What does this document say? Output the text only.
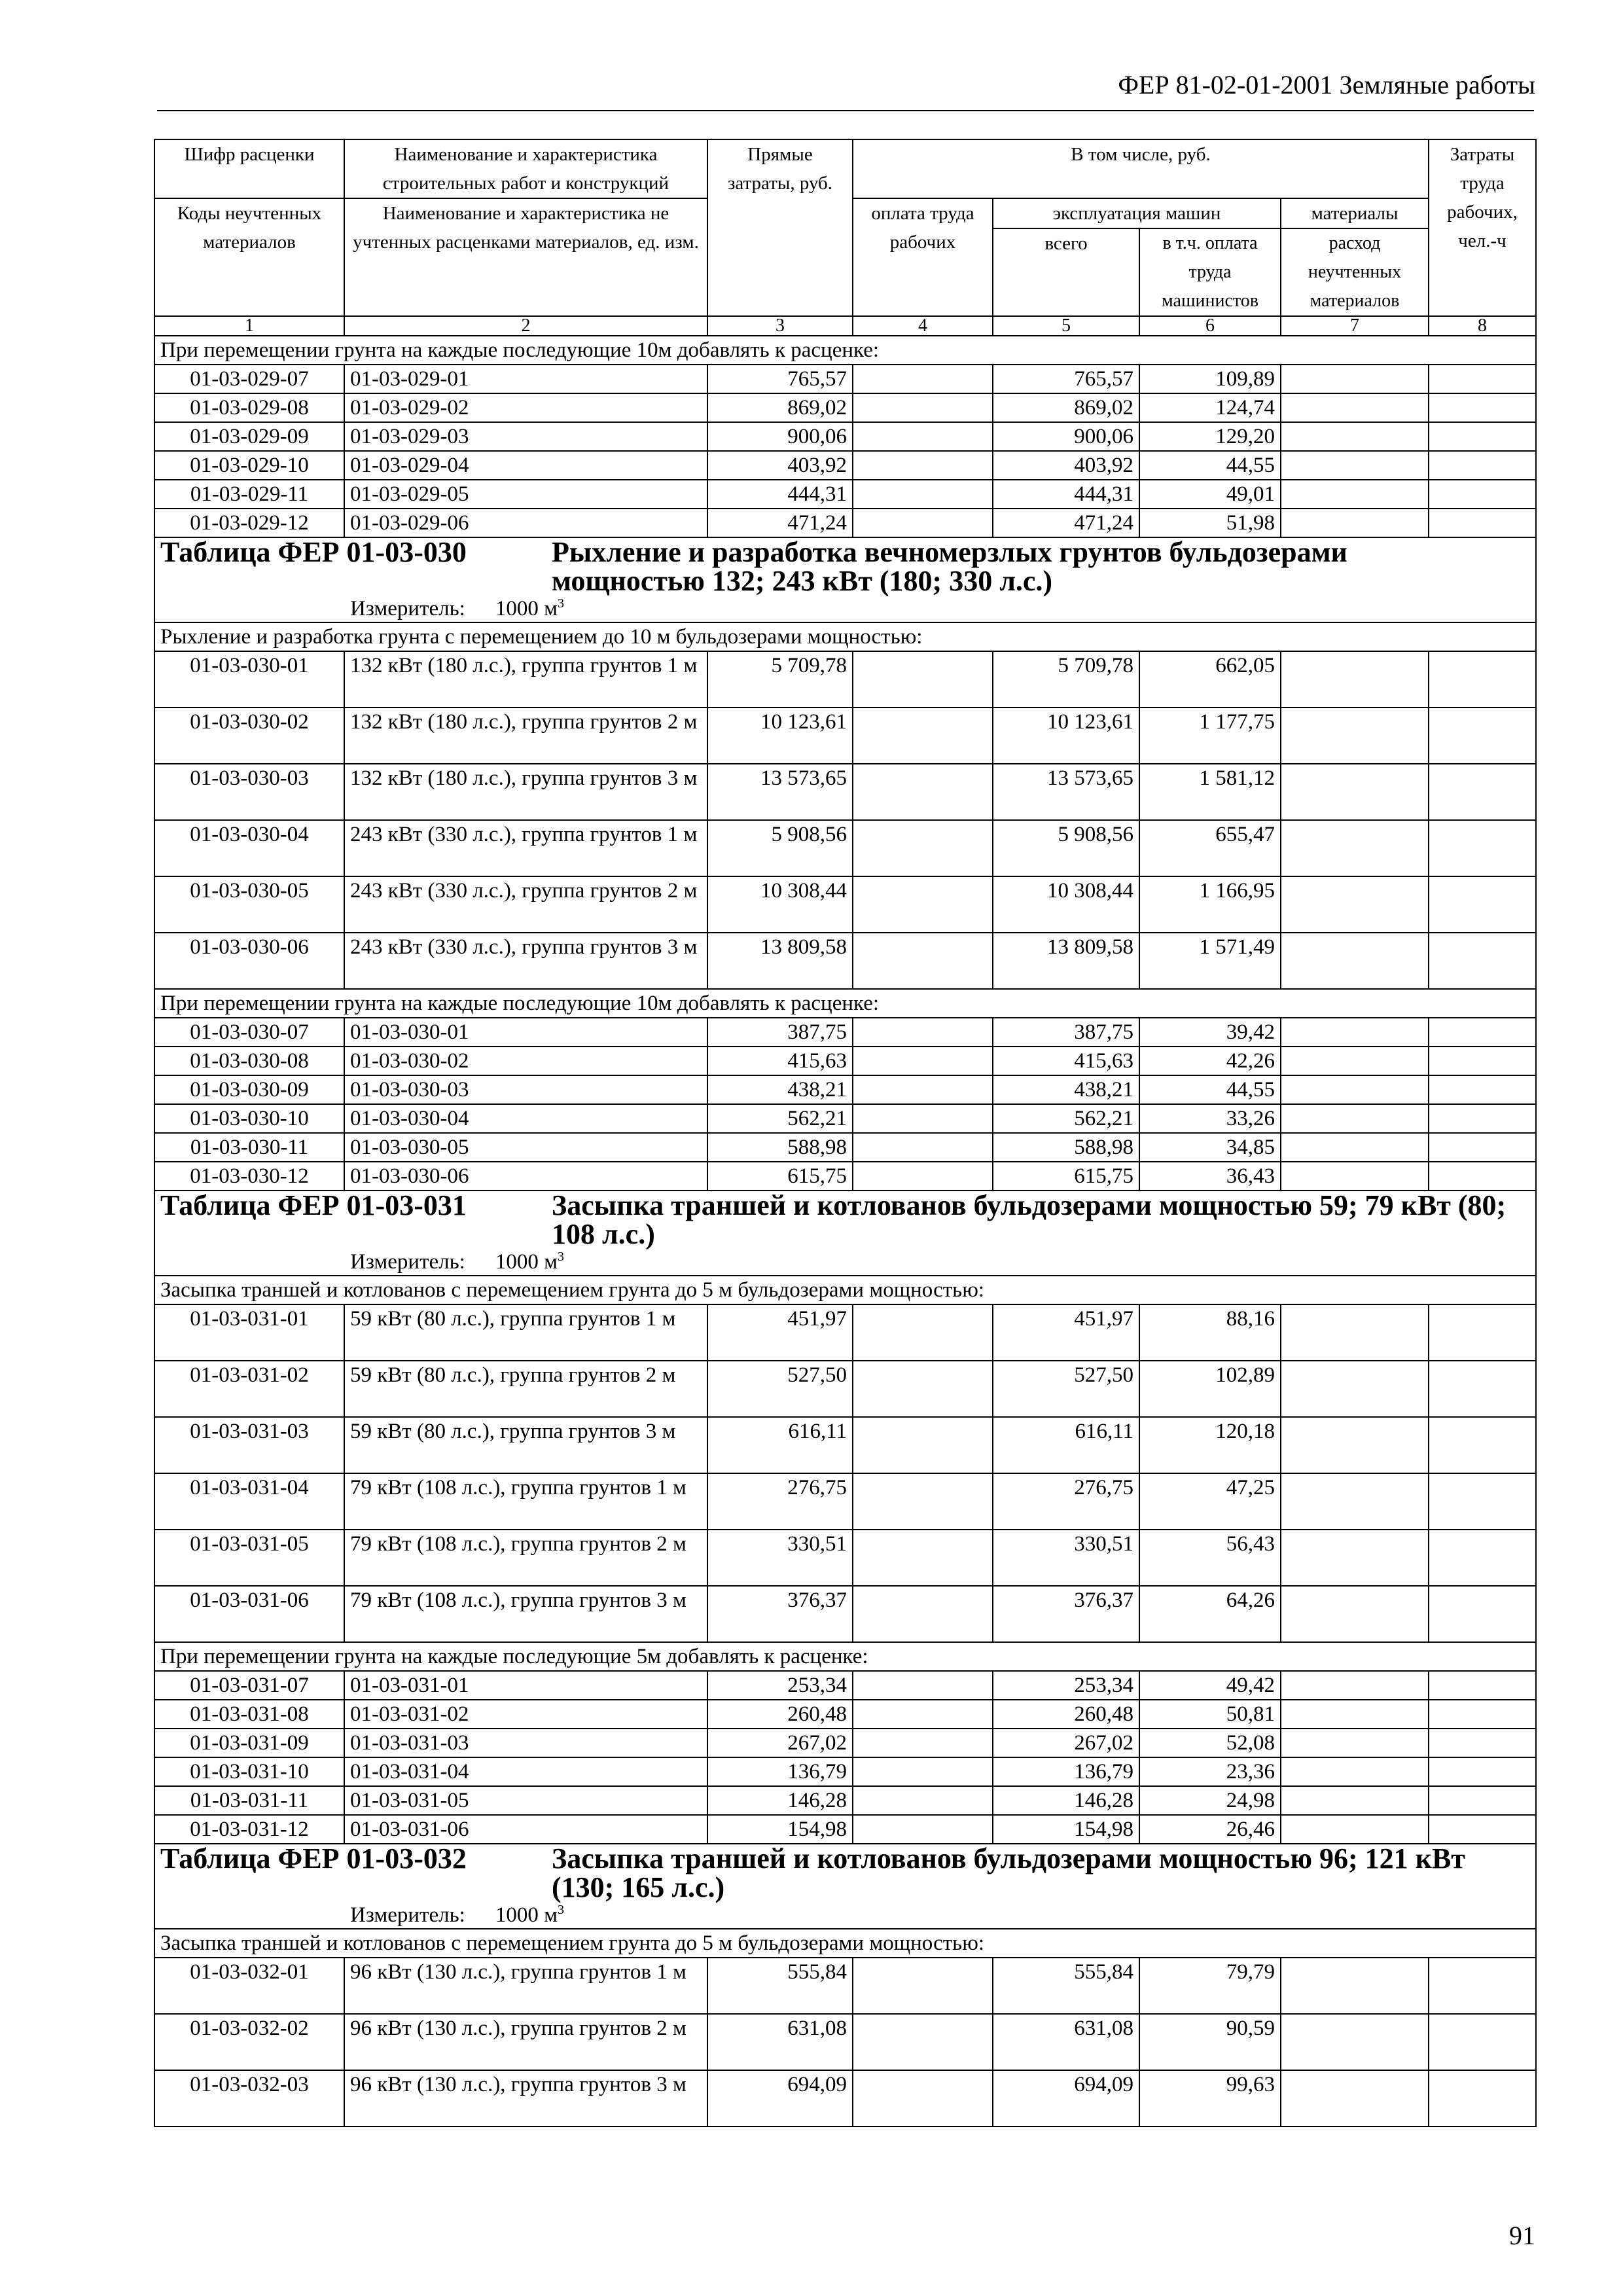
ФЕР 81-02-01-2001 Земляные работы
Шифр расценки	Наименование и характеристика строительных работ и конструкций	Прямые затраты, руб.	В том числе, руб.				Затраты труда рабочих, чел.-ч
Коды неучтенных материалов	Наименование и характеристика не учтенных расценками материалов, ед. изм.		оплата труда рабочих	эксплуатация машин		материалы	
				всего	в т.ч. оплата труда машинистов	расход неучтенных материалов	
1	2	3	4	5	6	7	8
При перемещении грунта на каждые последующие 10м добавлять к расценке:							
01-03-029-07	01-03-029-01	765,57		765,57	109,89		
01-03-029-08	01-03-029-02	869,02		869,02	124,74		
01-03-029-09	01-03-029-03	900,06		900,06	129,20		
01-03-029-10	01-03-029-04	403,92		403,92	44,55		
01-03-029-11	01-03-029-05	444,31		444,31	49,01		
01-03-029-12	01-03-029-06	471,24		471,24	51,98		

Таблица ФЕР 01-03-030 Рыхление и разработка вечномерзлых грунтов бульдозерами мощностью 132; 243 кВт (180; 330 л.с.)
Измеритель: 1000 $м^3$

Рыхление и разработка грунта с перемещением до 10 м бульдозерами мощностью:							
01-03-030-01	132 кВт (180 л.с.), группа грунтов 1 м	5 709,78		5 709,78	662,05		
01-03-030-02	132 кВт (180 л.с.), группа грунтов 2 м	10 123,61		10 123,61	1 177,75		
01-03-030-03	132 кВт (180 л.с.), группа грунтов 3 м	13 573,65		13 573,65	1 581,12		
01-03-030-04	243 кВт (330 л.с.), группа грунтов 1 м	5 908,56		5 908,56	655,47		
01-03-030-05	243 кВт (330 л.с.), группа грунтов 2 м	10 308,44		10 308,44	1 166,95		
01-03-030-06	243 кВт (330 л.с.), группа грунтов 3 м	13 809,58		13 809,58	1 571,49		
При перемещении грунта на каждые последующие 10м добавлять к расценке:							
01-03-030-07	01-03-030-01	387,75		387,75	39,42		
01-03-030-08	01-03-030-02	415,63		415,63	42,26		
01-03-030-09	01-03-030-03	438,21		438,21	44,55		
01-03-030-10	01-03-030-04	562,21		562,21	33,26		
01-03-030-11	01-03-030-05	588,98		588,98	34,85		
01-03-030-12	01-03-030-06	615,75		615,75	36,43		

Таблица ФЕР 01-03-031 Засыпка траншей и котлованов бульдозерами мощностью 59; 79 кВт (80; 108 л.с.)
Измеритель: 1000 $м^3$

Засыпка траншей и котлованов с перемещением грунта до 5 м бульдозерами мощностью:							
01-03-031-01	59 кВт (80 л.с.), группа грунтов 1 м	451,97		451,97	88,16		
01-03-031-02	59 кВт (80 л.с.), группа грунтов 2 м	527,50		527,50	102,89		
01-03-031-03	59 кВт (80 л.с.), группа грунтов 3 м	616,11		616,11	120,18		
01-03-031-04	79 кВт (108 л.с.), группа грунтов 1 м	276,75		276,75	47,25		
01-03-031-05	79 кВт (108 л.с.), группа грунтов 2 м	330,51		330,51	56,43		
01-03-031-06	79 кВт (108 л.с.), группа грунтов 3 м	376,37		376,37	64,26		
При перемещении грунта на каждые последующие 5м добавлять к расценке:							
01-03-031-07	01-03-031-01	253,34		253,34	49,42		
01-03-031-08	01-03-031-02	260,48		260,48	50,81		
01-03-031-09	01-03-031-03	267,02		267,02	52,08		
01-03-031-10	01-03-031-04	136,79		136,79	23,36		
01-03-031-11	01-03-031-05	146,28		146,28	24,98		
01-03-031-12	01-03-031-06	154,98		154,98	26,46		

Таблица ФЕР 01-03-032 Засыпка траншей и котлованов бульдозерами мощностью 96; 121 кВт (130; 165 л.с.)
Измеритель: 1000 $м^3$

Засыпка траншей и котлованов с перемещением грунта до 5 м бульдозерами мощностью:							
01-03-032-01	96 кВт (130 л.с.), группа грунтов 1 м	555,84		555,84	79,79		
01-03-032-02	96 кВт (130 л.с.), группа грунтов 2 м	631,08		631,08	90,59		
01-03-032-03	96 кВт (130 л.с.), группа грунтов 3 м	694,09		694,09	99,63		
91
